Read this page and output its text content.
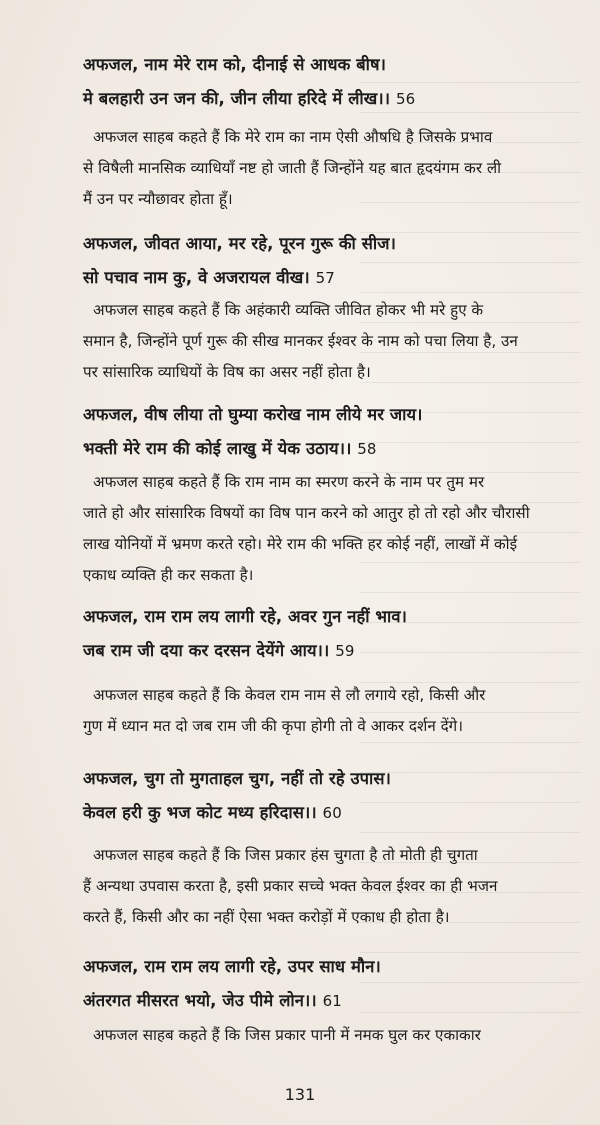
अफजल, नाम मेरे राम को, दीनाई से आधक बीष।
मे बलहारी उन जन की, जीन लीया हरिदे में लीख।। 56
अफजल साहब कहते हैं कि मेरे राम का नाम ऐसी औषधि है जिसके प्रभाव
से विषैली मानसिक व्याधियाँ नष्ट हो जाती हैं जिन्होंने यह बात हृदयंगम कर ली
मैं उन पर न्यौछावर होता हूँ।
अफजल, जीवत आया, मर रहे, पूरन गुरू की सीज।
सो पचाव नाम कु, वे अजरायल वीख। 57
अफजल साहब कहते हैं कि अहंकारी व्यक्ति जीवित होकर भी मरे हुए के
समान है, जिन्होंने पूर्ण गुरू की सीख मानकर ईश्वर के नाम को पचा लिया है, उन
पर सांसारिक व्याधियों के विष का असर नहीं होता है।
अफजल, वीष लीया तो घुम्या करोख नाम लीये मर जाय।
भक्ती मेरे राम की कोई लाखु में येक उठाय।। 58
अफजल साहब कहते हैं कि राम नाम का स्मरण करने के नाम पर तुम मर
जाते हो और सांसारिक विषयों का विष पान करने को आतुर हो तो रहो और चौरासी
लाख योनियों में भ्रमण करते रहो। मेरे राम की भक्ति हर कोई नहीं, लाखों में कोई
एकाध व्यक्ति ही कर सकता है।
अफजल, राम राम लय लागी रहे, अवर गुन नहीं भाव।
जब राम जी दया कर दरसन देयेंगे आय।। 59
अफजल साहब कहते हैं कि केवल राम नाम से लौ लगाये रहो, किसी और
गुण में ध्यान मत दो जब राम जी की कृपा होगी तो वे आकर दर्शन देंगे।
अफजल, चुग तो मुगताहल चुग, नहीं तो रहे उपास।
केवल हरी कु भज कोट मध्य हरिदास।। 60
अफजल साहब कहते हैं कि जिस प्रकार हंस चुगता है तो मोती ही चुगता
हैं अन्यथा उपवास करता है, इसी प्रकार सच्चे भक्त केवल ईश्वर का ही भजन
करते हैं, किसी और का नहीं ऐसा भक्त करोड़ों में एकाध ही होता है।
अफजल, राम राम लय लागी रहे, उपर साध मौन।
अंतरगत मीसरत भयो, जेउ पीमे लोन।। 61
अफजल साहब कहते हैं कि जिस प्रकार पानी में नमक घुल कर एकाकार
131
